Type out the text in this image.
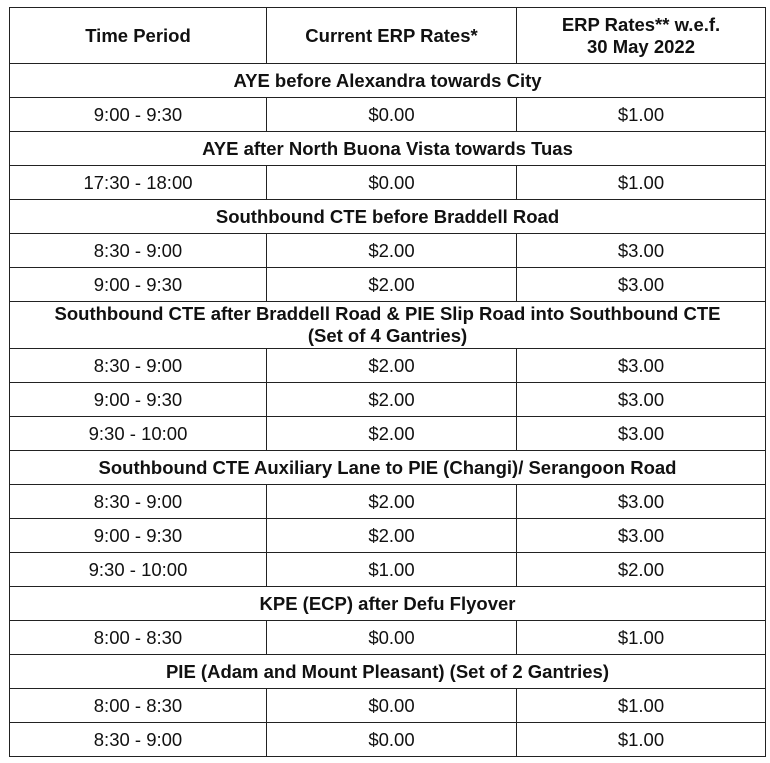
Time Period	Current ERP Rates*	ERP Rates** w.e.f.
30 May 2022
AYE before Alexandra towards City		
9:00 - 9:30	$0.00	$1.00
AYE after North Buona Vista towards Tuas		
17:30 - 18:00	$0.00	$1.00
Southbound CTE before Braddell Road		
8:30 - 9:00	$2.00	$3.00
9:00 - 9:30	$2.00	$3.00
Southbound CTE after Braddell Road & PIE Slip Road into Southbound CTE
(Set of 4 Gantries)		
8:30 - 9:00	$2.00	$3.00
9:00 - 9:30	$2.00	$3.00
9:30 - 10:00	$2.00	$3.00
Southbound CTE Auxiliary Lane to PIE (Changi)/ Serangoon Road		
8:30 - 9:00	$2.00	$3.00
9:00 - 9:30	$2.00	$3.00
9:30 - 10:00	$1.00	$2.00
KPE (ECP) after Defu Flyover		
8:00 - 8:30	$0.00	$1.00
PIE (Adam and Mount Pleasant) (Set of 2 Gantries)		
8:00 - 8:30	$0.00	$1.00
8:30 - 9:00	$0.00	$1.00
